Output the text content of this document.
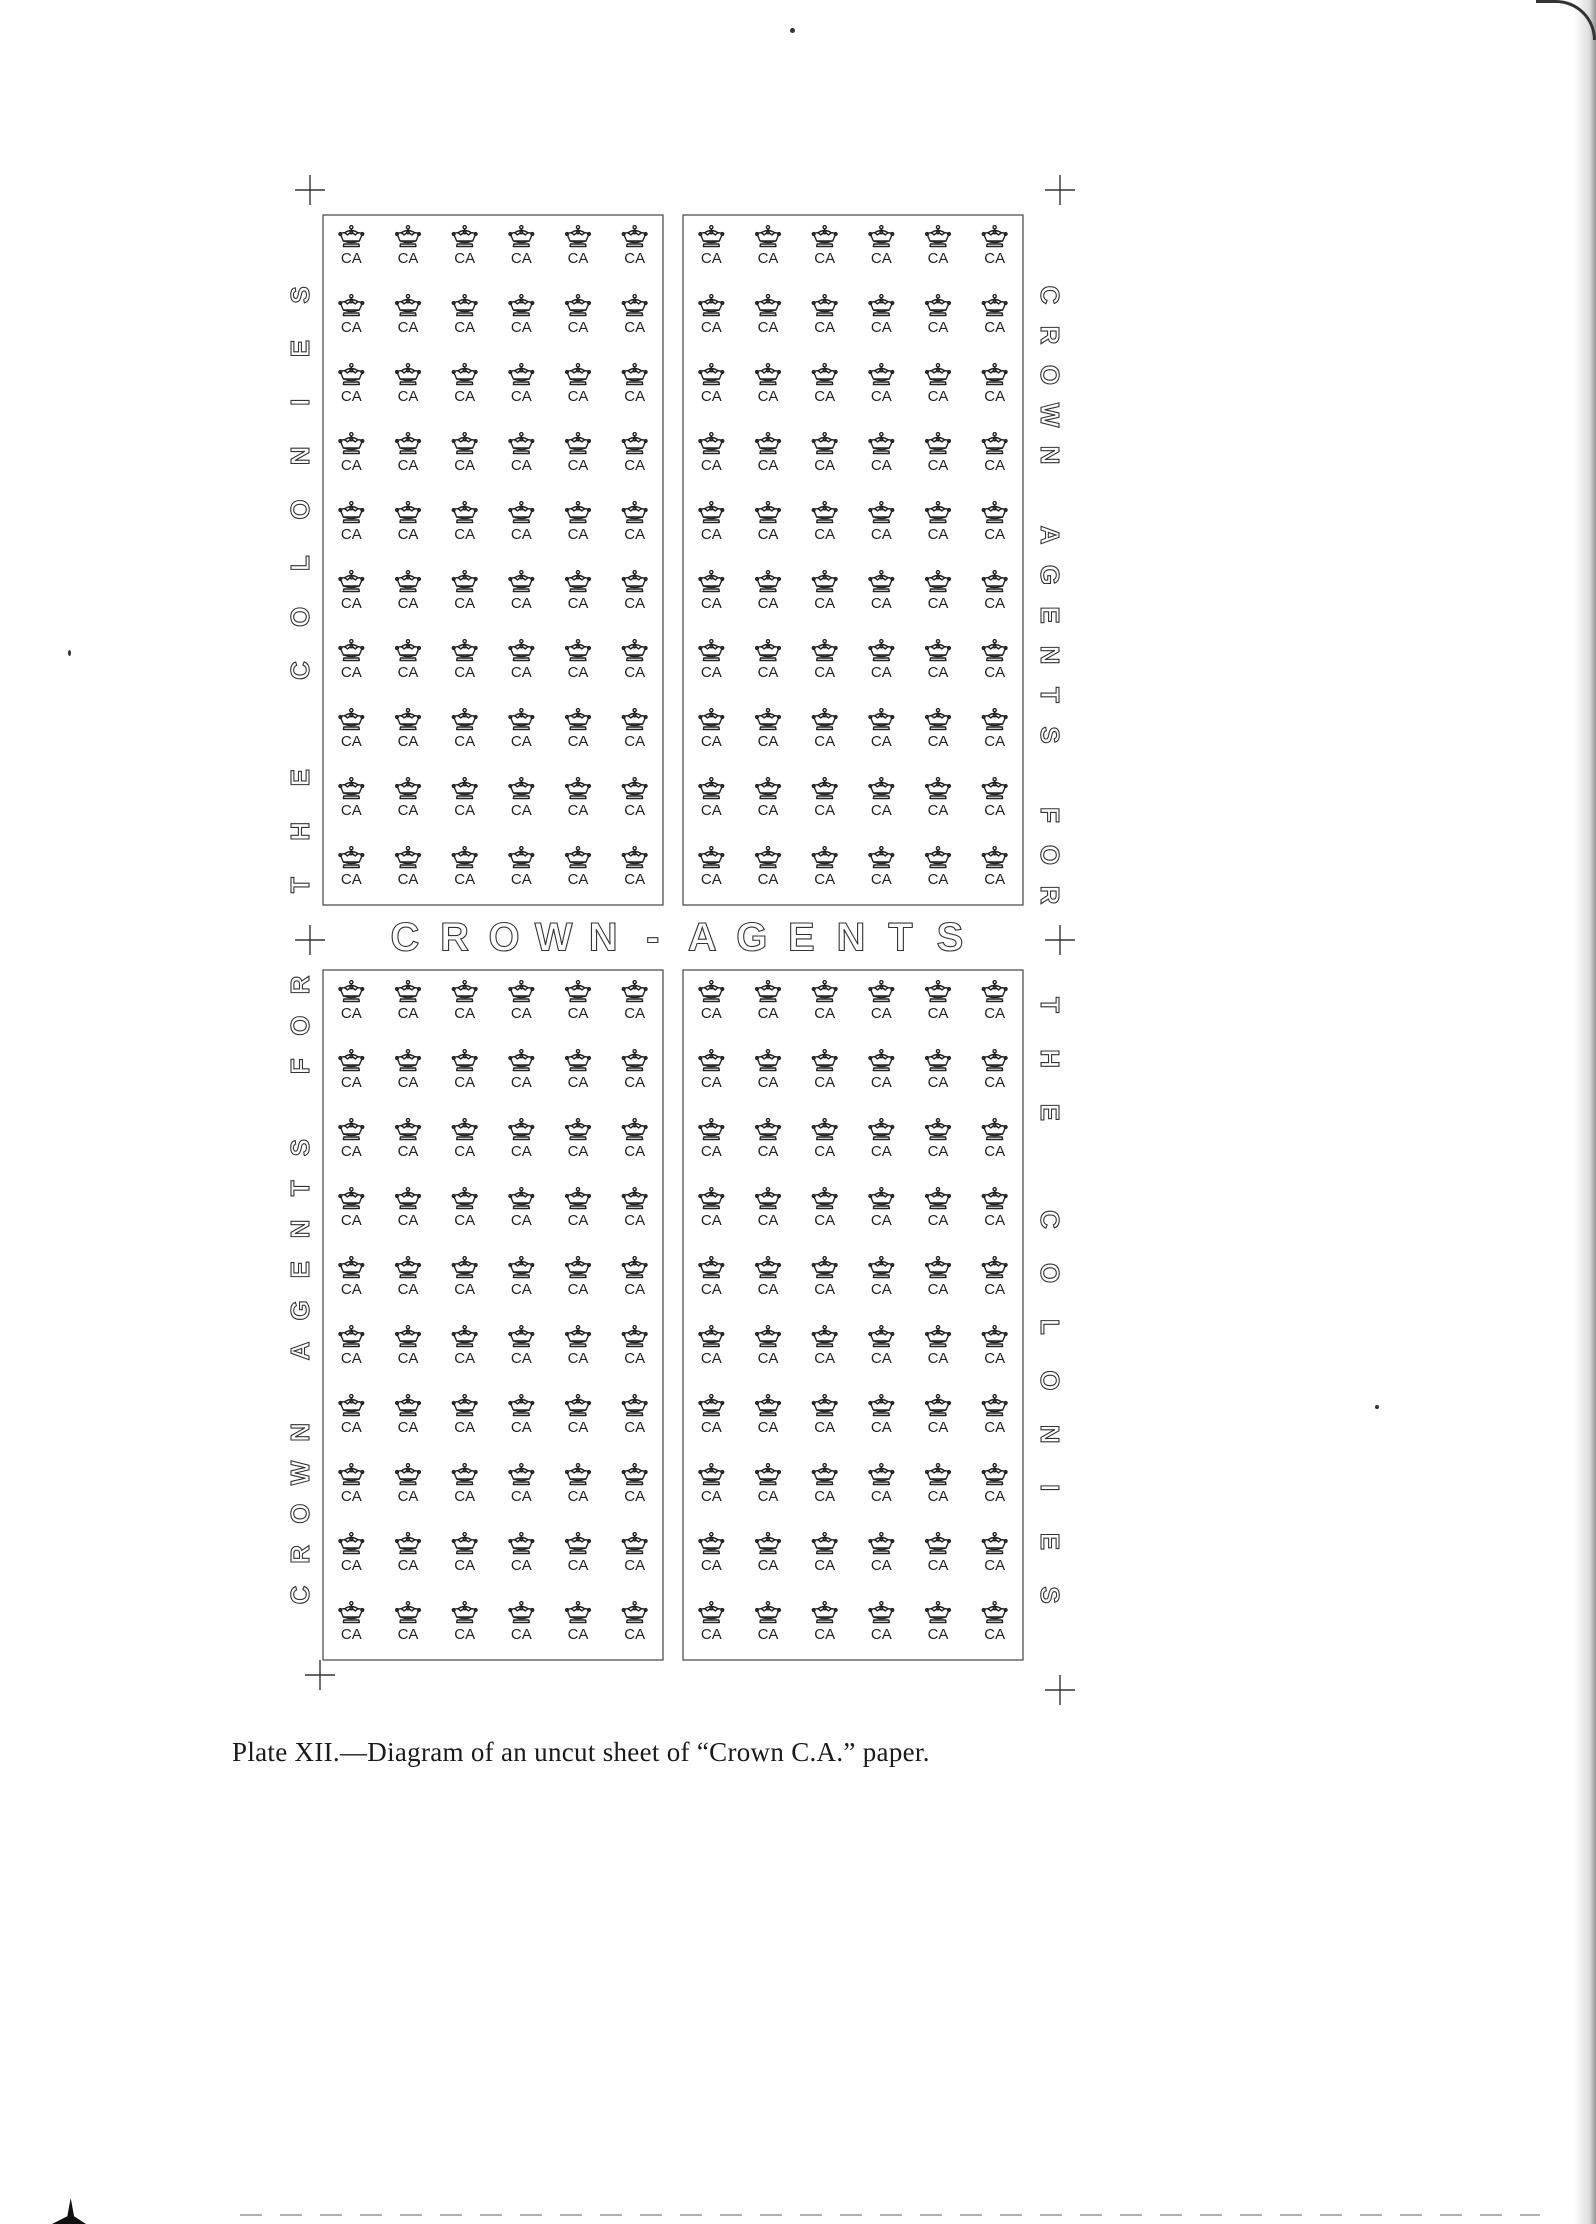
CA CA CA CA CA CA
CA CA CA CA CA CA
CA CA CA CA CA CA
CA CA CA CA CA CA
CA CA CA CA CA CA
CA CA CA CA CA CA
CA CA CA CA CA CA
CA CA CA CA CA CA
CA CA CA CA CA CA
CA CA CA CA CA CA
CA CA CA CA CA CA
CA CA CA CA CA CA
CA CA CA CA CA CA
CA CA CA CA CA CA
CA CA CA CA CA CA
CA CA CA CA CA CA
CA CA CA CA CA CA
CA CA CA CA CA CA
CA CA CA CA CA CA
CA CA CA CA CA CA
CA CA CA CA CA CA
CA CA CA CA CA CA
CA CA CA CA CA CA
CA CA CA CA CA CA
CA CA CA CA CA CA
CA CA CA CA CA CA
CA CA CA CA CA CA
CA CA CA CA CA CA
CA CA CA CA CA CA
CA CA CA CA CA CA
CA CA CA CA CA CA
CA CA CA CA CA CA
CA CA CA CA CA CA
CA CA CA CA CA CA
CA CA CA CA CA CA
CA CA CA CA CA CA
CA CA CA CA CA CA
CA CA CA CA CA CA
CA CA CA CA CA CA
CA CA CA CA CA CA
C R O W N - A G E N T S
T
H
E
C
O
L
O
N
I
E
S
C
R
O
W
N
A
G
E
N
T
S
F
O
R
C
R
O
W
N
A
G
E
N
T
S
F
O
R
T
H
E
C
O
L
O
N
I
E
S
Plate XII.—Diagram of an uncut sheet of “Crown C.A.” paper.
